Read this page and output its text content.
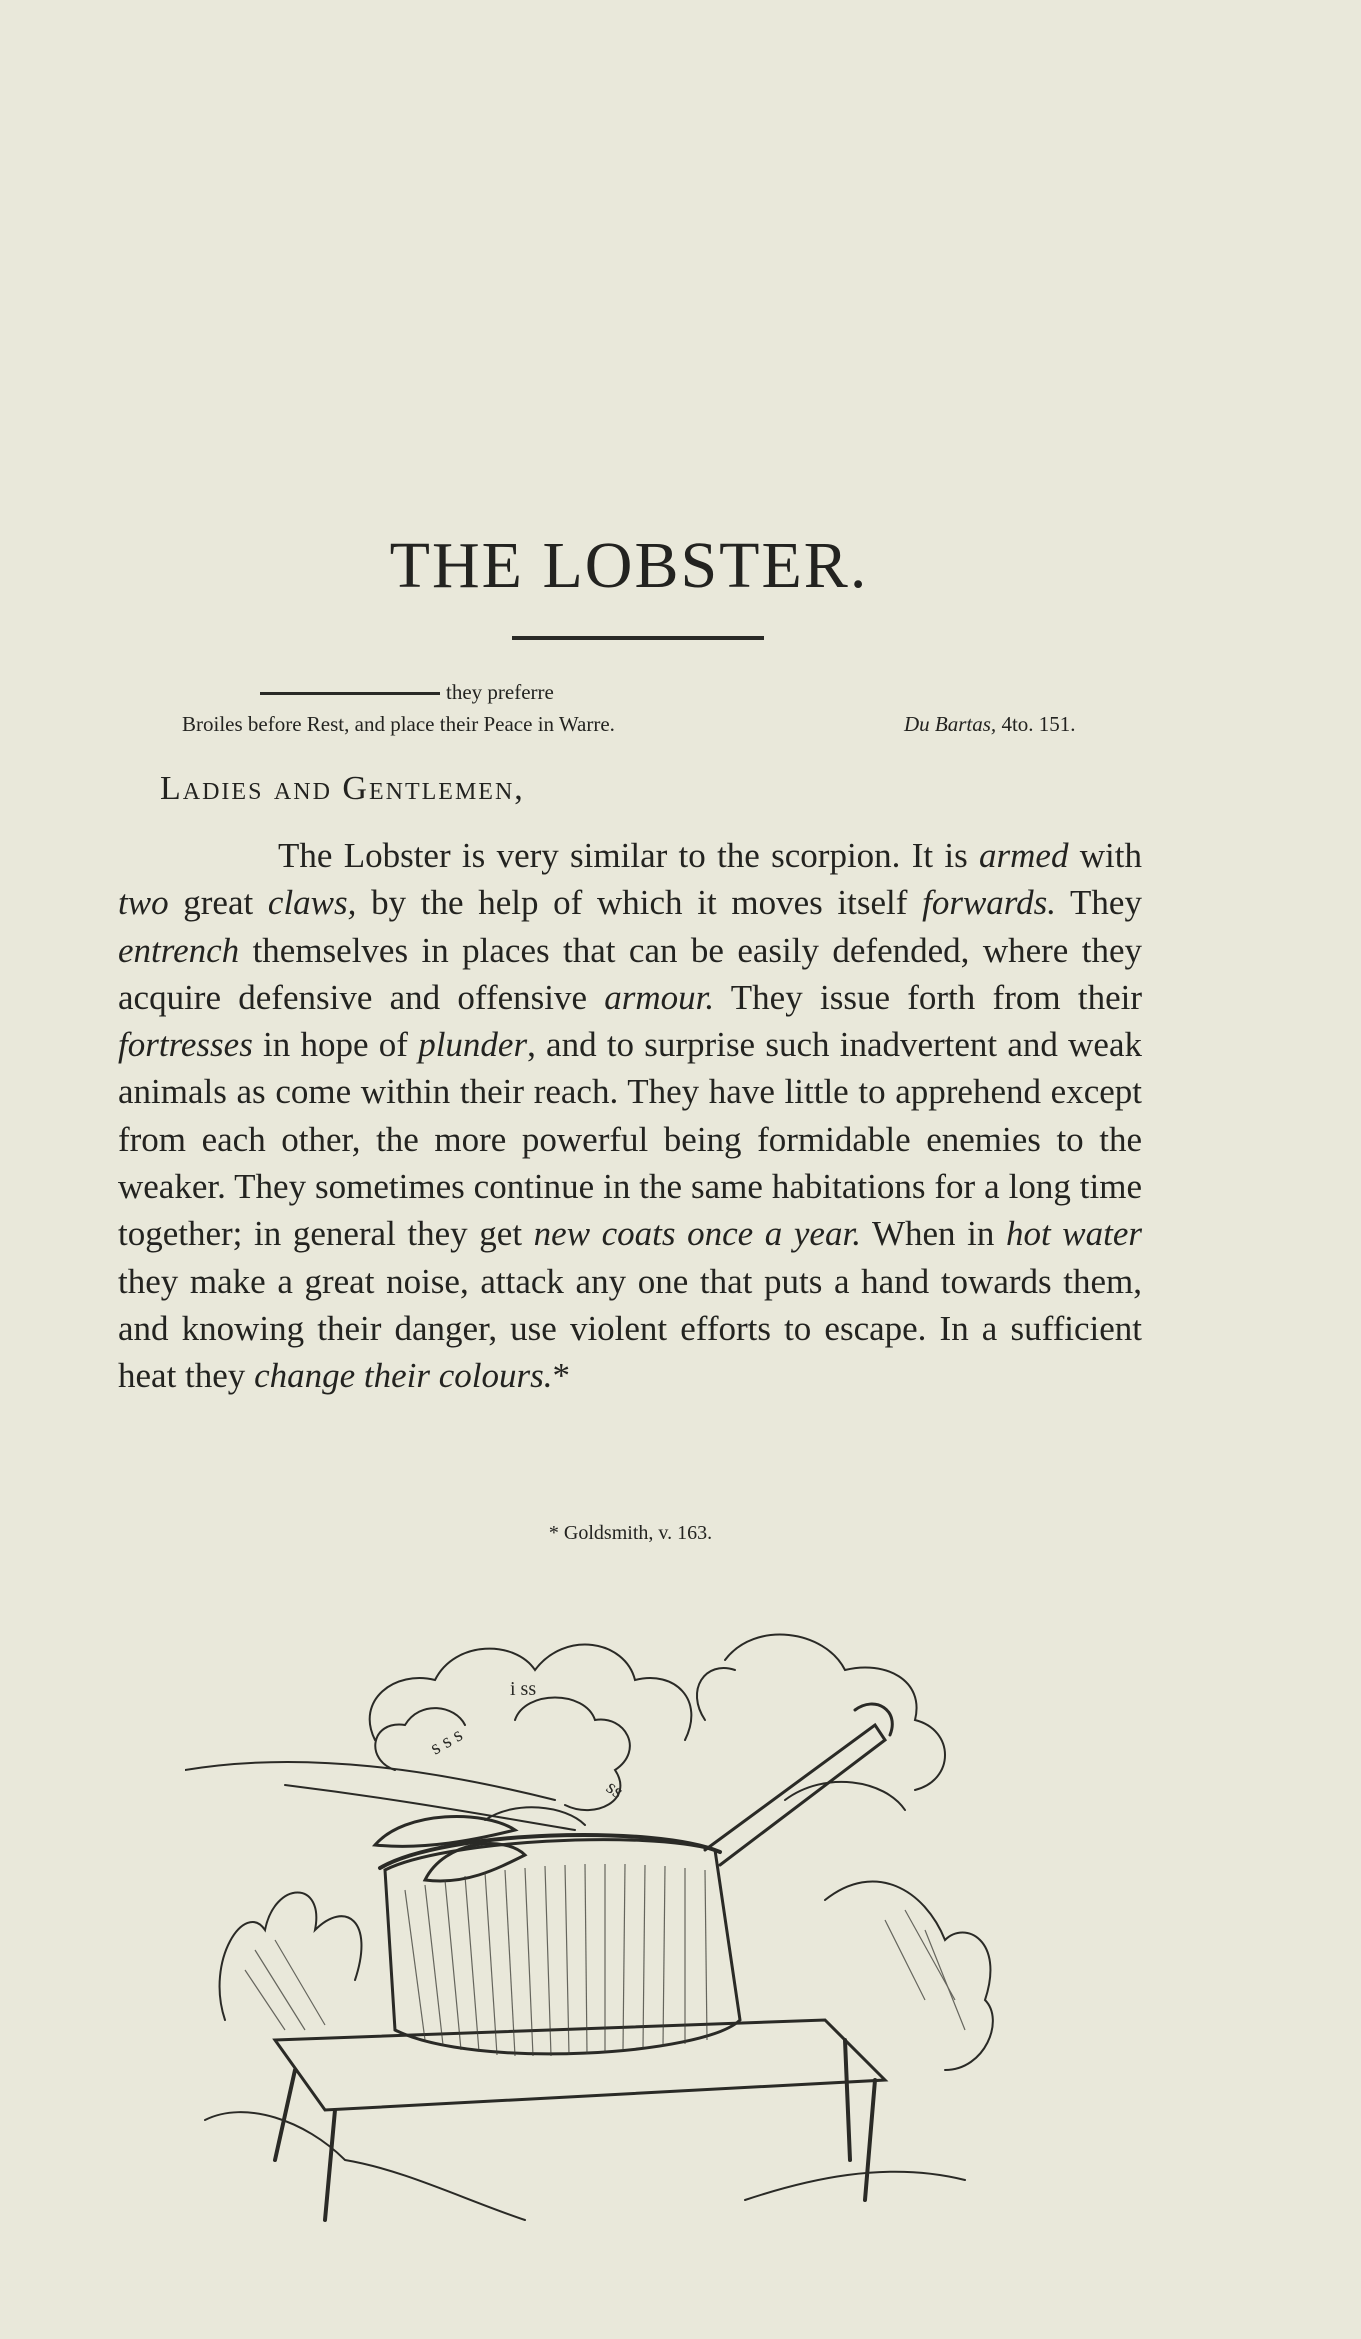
THE LOBSTER.
they preferre
Broiles before Rest, and place their Peace in Warre.	Du Bartas, 4to. 151.
Ladies and Gentlemen,

The Lobster is very similar to the scorpion. It is armed with two great claws, by the help of which it moves itself forwards. They entrench themselves in places that can be easily defended, where they acquire defensive and offensive armour. They issue forth from their fortresses in hope of plunder, and to surprise such inadvertent and weak animals as come within their reach. They have little to apprehend except from each other, the more powerful being formidable enemies to the weaker. They sometimes continue in the same habitations for a long time together; in general they get new coats once a year. When in hot water they make a great noise, attack any one that puts a hand towards them, and knowing their danger, use violent efforts to escape. In a sufficient heat they change their colours.*

* Goldsmith, v. 163.
i ss
s s s
ss
